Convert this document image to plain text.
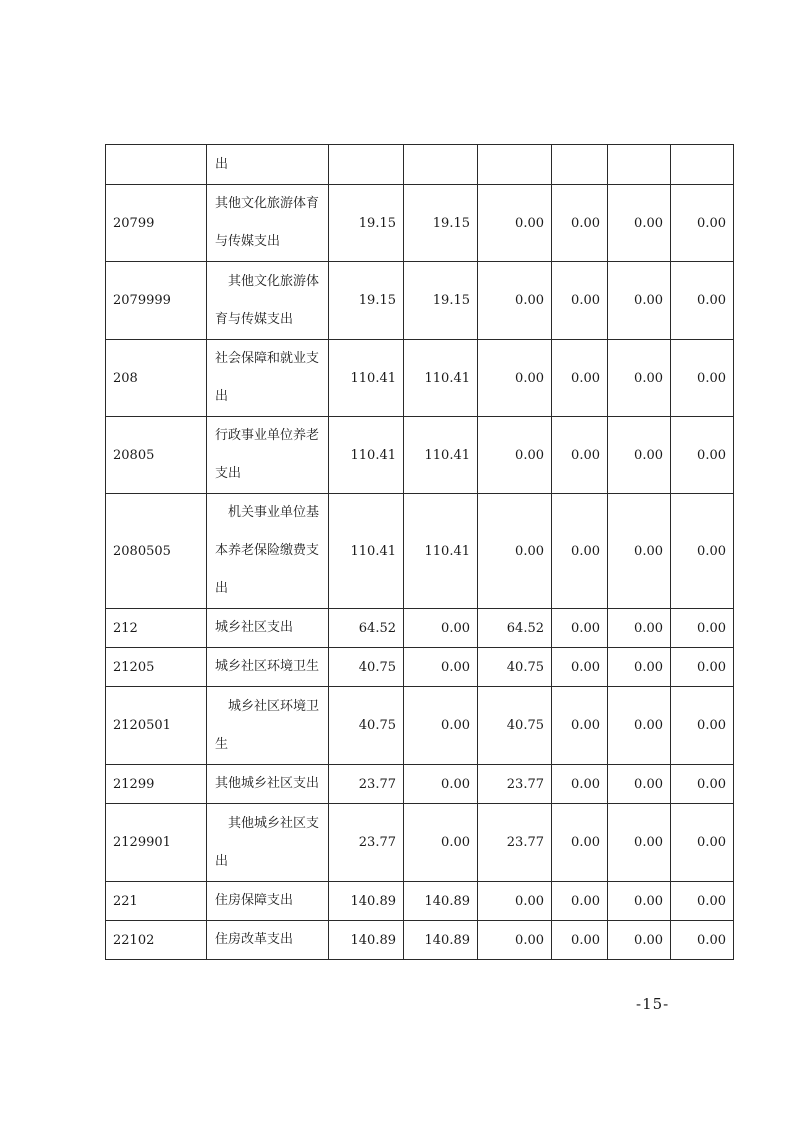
	出						
20799	其他文化旅游体育与传媒支出	19.15	19.15	0.00	0.00	0.00	0.00
2079999	其他文化旅游体育与传媒支出	19.15	19.15	0.00	0.00	0.00	0.00
208	社会保障和就业支出	110.41	110.41	0.00	0.00	0.00	0.00
20805	行政事业单位养老支出	110.41	110.41	0.00	0.00	0.00	0.00
2080505	机关事业单位基本养老保险缴费支出	110.41	110.41	0.00	0.00	0.00	0.00
212	城乡社区支出	64.52	0.00	64.52	0.00	0.00	0.00
21205	城乡社区环境卫生	40.75	0.00	40.75	0.00	0.00	0.00
2120501	城乡社区环境卫生	40.75	0.00	40.75	0.00	0.00	0.00
21299	其他城乡社区支出	23.77	0.00	23.77	0.00	0.00	0.00
2129901	其他城乡社区支出	23.77	0.00	23.77	0.00	0.00	0.00
221	住房保障支出	140.89	140.89	0.00	0.00	0.00	0.00
22102	住房改革支出	140.89	140.89	0.00	0.00	0.00	0.00
-15-
